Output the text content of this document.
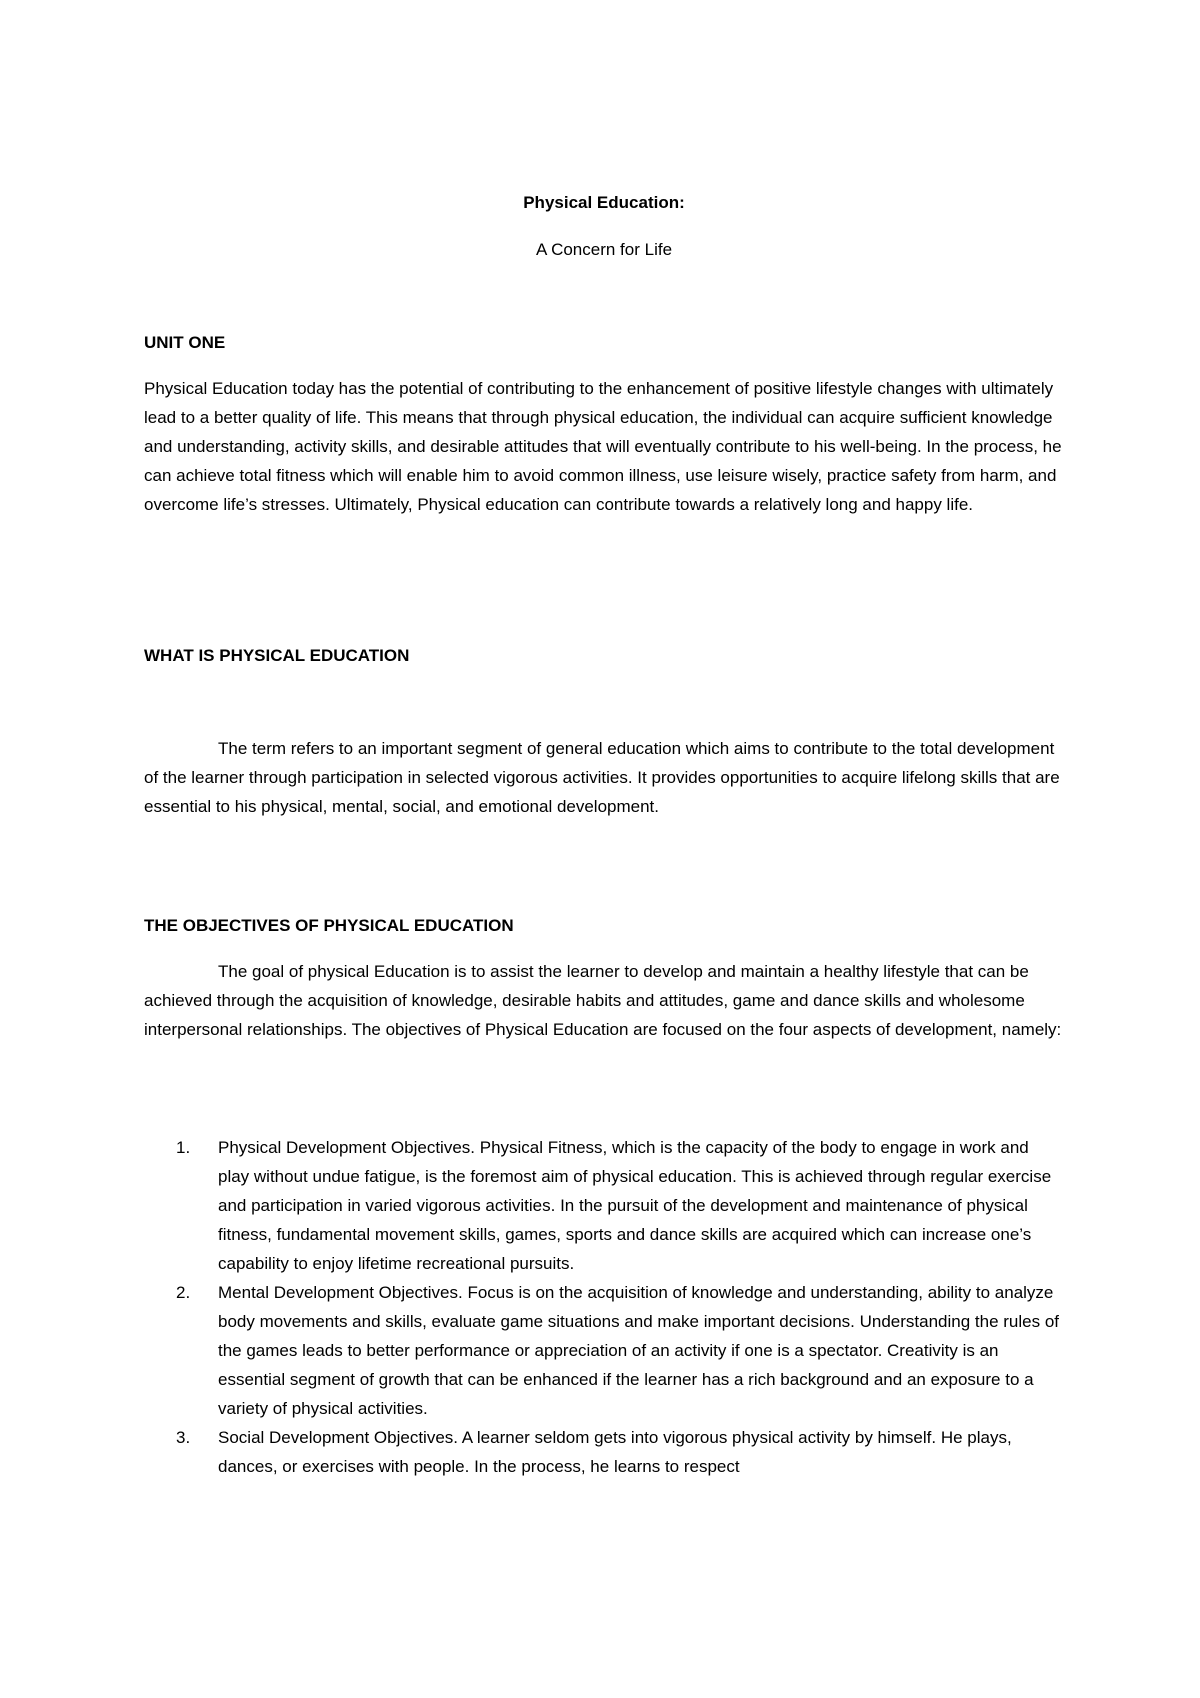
Physical Education:
A Concern for Life
UNIT ONE

Physical Education today has the potential of contributing to the enhancement of positive lifestyle changes with ultimately lead to a better quality of life. This means that through physical education, the individual can acquire sufficient knowledge and understanding, activity skills, and desirable attitudes that will eventually contribute to his well-being. In the process, he can achieve total fitness which will enable him to avoid common illness, use leisure wisely, practice safety from harm, and overcome life’s stresses. Ultimately, Physical education can contribute towards a relatively long and happy life.

WHAT IS PHYSICAL EDUCATION

The term refers to an important segment of general education which aims to contribute to the total development of the learner through participation in selected vigorous activities. It provides opportunities to acquire lifelong skills that are essential to his physical, mental, social, and emotional development.

THE OBJECTIVES OF PHYSICAL EDUCATION

The goal of physical Education is to assist the learner to develop and maintain a healthy lifestyle that can be achieved through the acquisition of knowledge, desirable habits and attitudes, game and dance skills and wholesome interpersonal relationships. The objectives of Physical Education are focused on the four aspects of development, namely:

1. Physical Development Objectives. Physical Fitness, which is the capacity of the body to engage in work and play without undue fatigue, is the foremost aim of physical education. This is achieved through regular exercise and participation in varied vigorous activities. In the pursuit of the development and maintenance of physical fitness, fundamental movement skills, games, sports and dance skills are acquired which can increase one’s capability to enjoy lifetime recreational pursuits.
2. Mental Development Objectives. Focus is on the acquisition of knowledge and understanding, ability to analyze body movements and skills, evaluate game situations and make important decisions. Understanding the rules of the games leads to better performance or appreciation of an activity if one is a spectator. Creativity is an essential segment of growth that can be enhanced if the learner has a rich background and an exposure to a variety of physical activities.
3. Social Development Objectives. A learner seldom gets into vigorous physical activity by himself. He plays, dances, or exercises with people. In the process, he learns to respect
